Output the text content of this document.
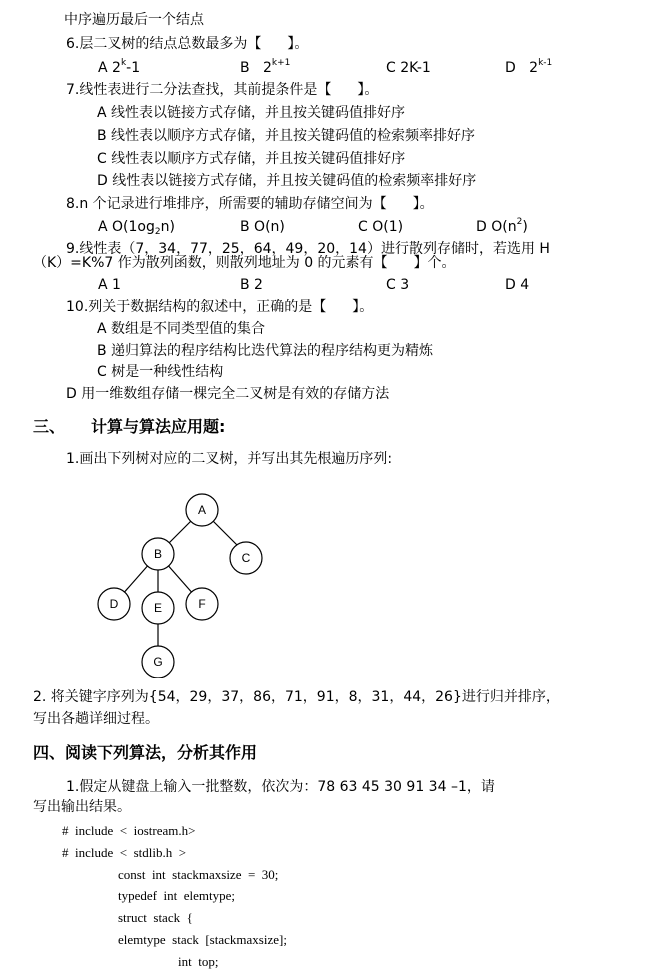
中序遍历最后一个结点
6.层二叉树的结点总数最多为【 】。
A 2$^k$-1	B $2^{k+1}$	C 2K-1	D 2$^{k-1}$
7.线性表进行二分法查找，其前提条件是【 】。
A 线性表以链接方式存储，并且按关键码值排好序
B 线性表以顺序方式存储，并且按关键码值的检索频率排好序
C 线性表以顺序方式存储，并且按关键码值排好序
D 线性表以链接方式存储，并且按关键码值的检索频率排好序
8.n 个记录进行堆排序，所需要的辅助存储空间为【 】。
A $O(1og_2n)$	B O(n)	C O(1)	D $O(n^2)$
9.线性表（7，34，77，25，64，49，20，14）进行散列存储时，若选用 H
（K）=K%7 作为散列函数，则散列地址为 0 的元素有【 】个。
A 1	B 2	C 3	D 4
10.列关于数据结构的叙述中，正确的是【 】。
A 数组是不同类型值的集合
B 递归算法的程序结构比迭代算法的程序结构更为精炼
C 树是一种线性结构
D 用一维数组存储一棵完全二叉树是有效的存储方法
三、 计算与算法应用题:
1.画出下列树对应的二叉树，并写出其先根遍历序列:
A
B	C
D	E	F
G
2. 将关键字序列为{54，29，37，86，71，91，8，31，44，26}进行归并排序，
写出各趟详细过程。
四、阅读下列算法，分析其作用
1.假定从键盘上输入一批整数，依次为：78 63 45 30 91 34 –1，请
写出输出结果。
#  include  <  iostream.h>
#  include  <  stdlib.h  >
const  int  stackmaxsize  =  30;
typedef  int  elemtype;
struct  stack  {
elemtype  stack  [stackmaxsize];
int  top;
